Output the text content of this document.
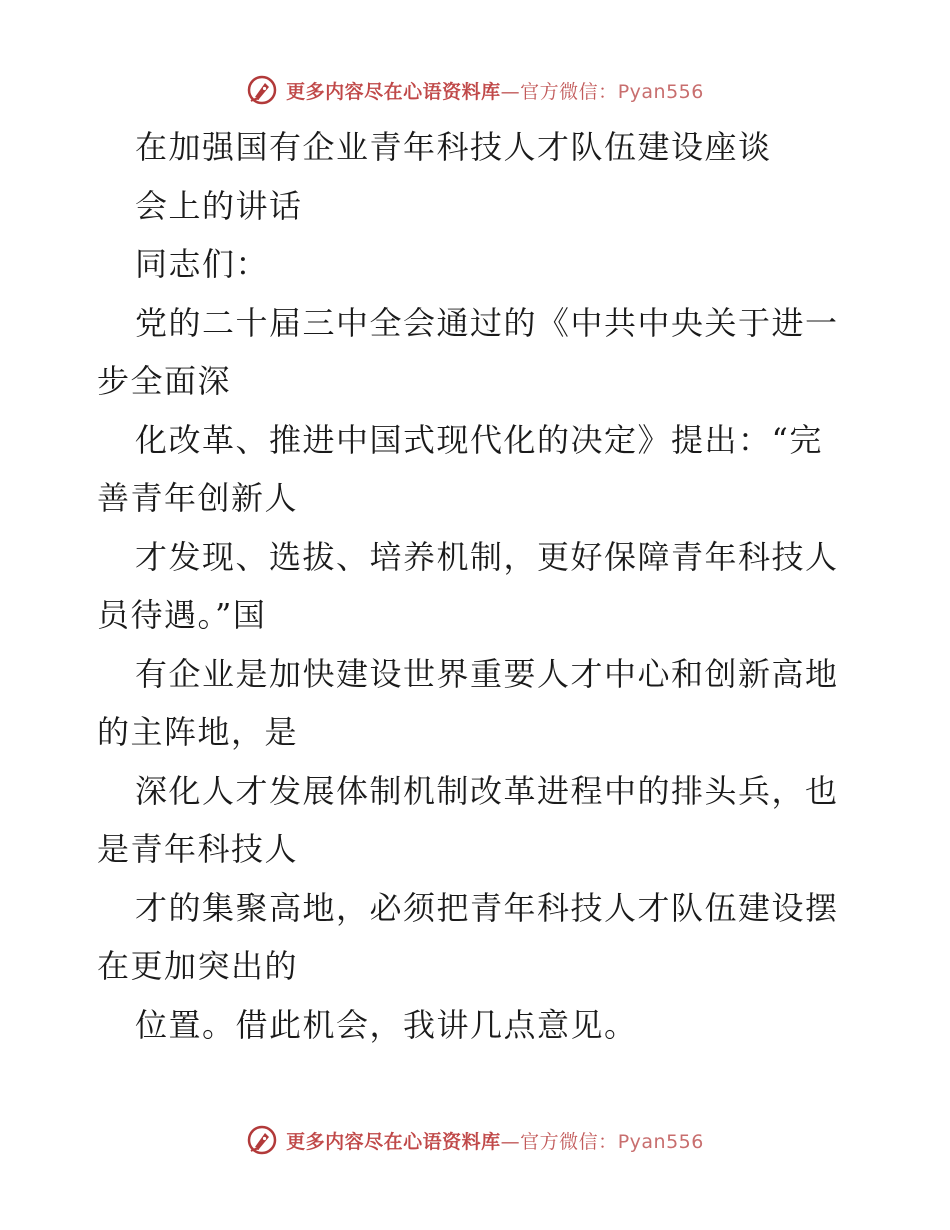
更多内容尽在心语资料库—官方微信：Pyan556
在加强国有企业青年科技人才队伍建设座谈
会上的讲话
同志们：
党的二十届三中全会通过的《中共中央关于进一
步全面深
化改革、推进中国式现代化的决定》提出：“完
善青年创新人
才发现、选拔、培养机制，更好保障青年科技人
员待遇。”国
有企业是加快建设世界重要人才中心和创新高地
的主阵地，是
深化人才发展体制机制改革进程中的排头兵，也
是青年科技人
才的集聚高地，必须把青年科技人才队伍建设摆
在更加突出的
位置。借此机会，我讲几点意见。
更多内容尽在心语资料库—官方微信：Pyan556
